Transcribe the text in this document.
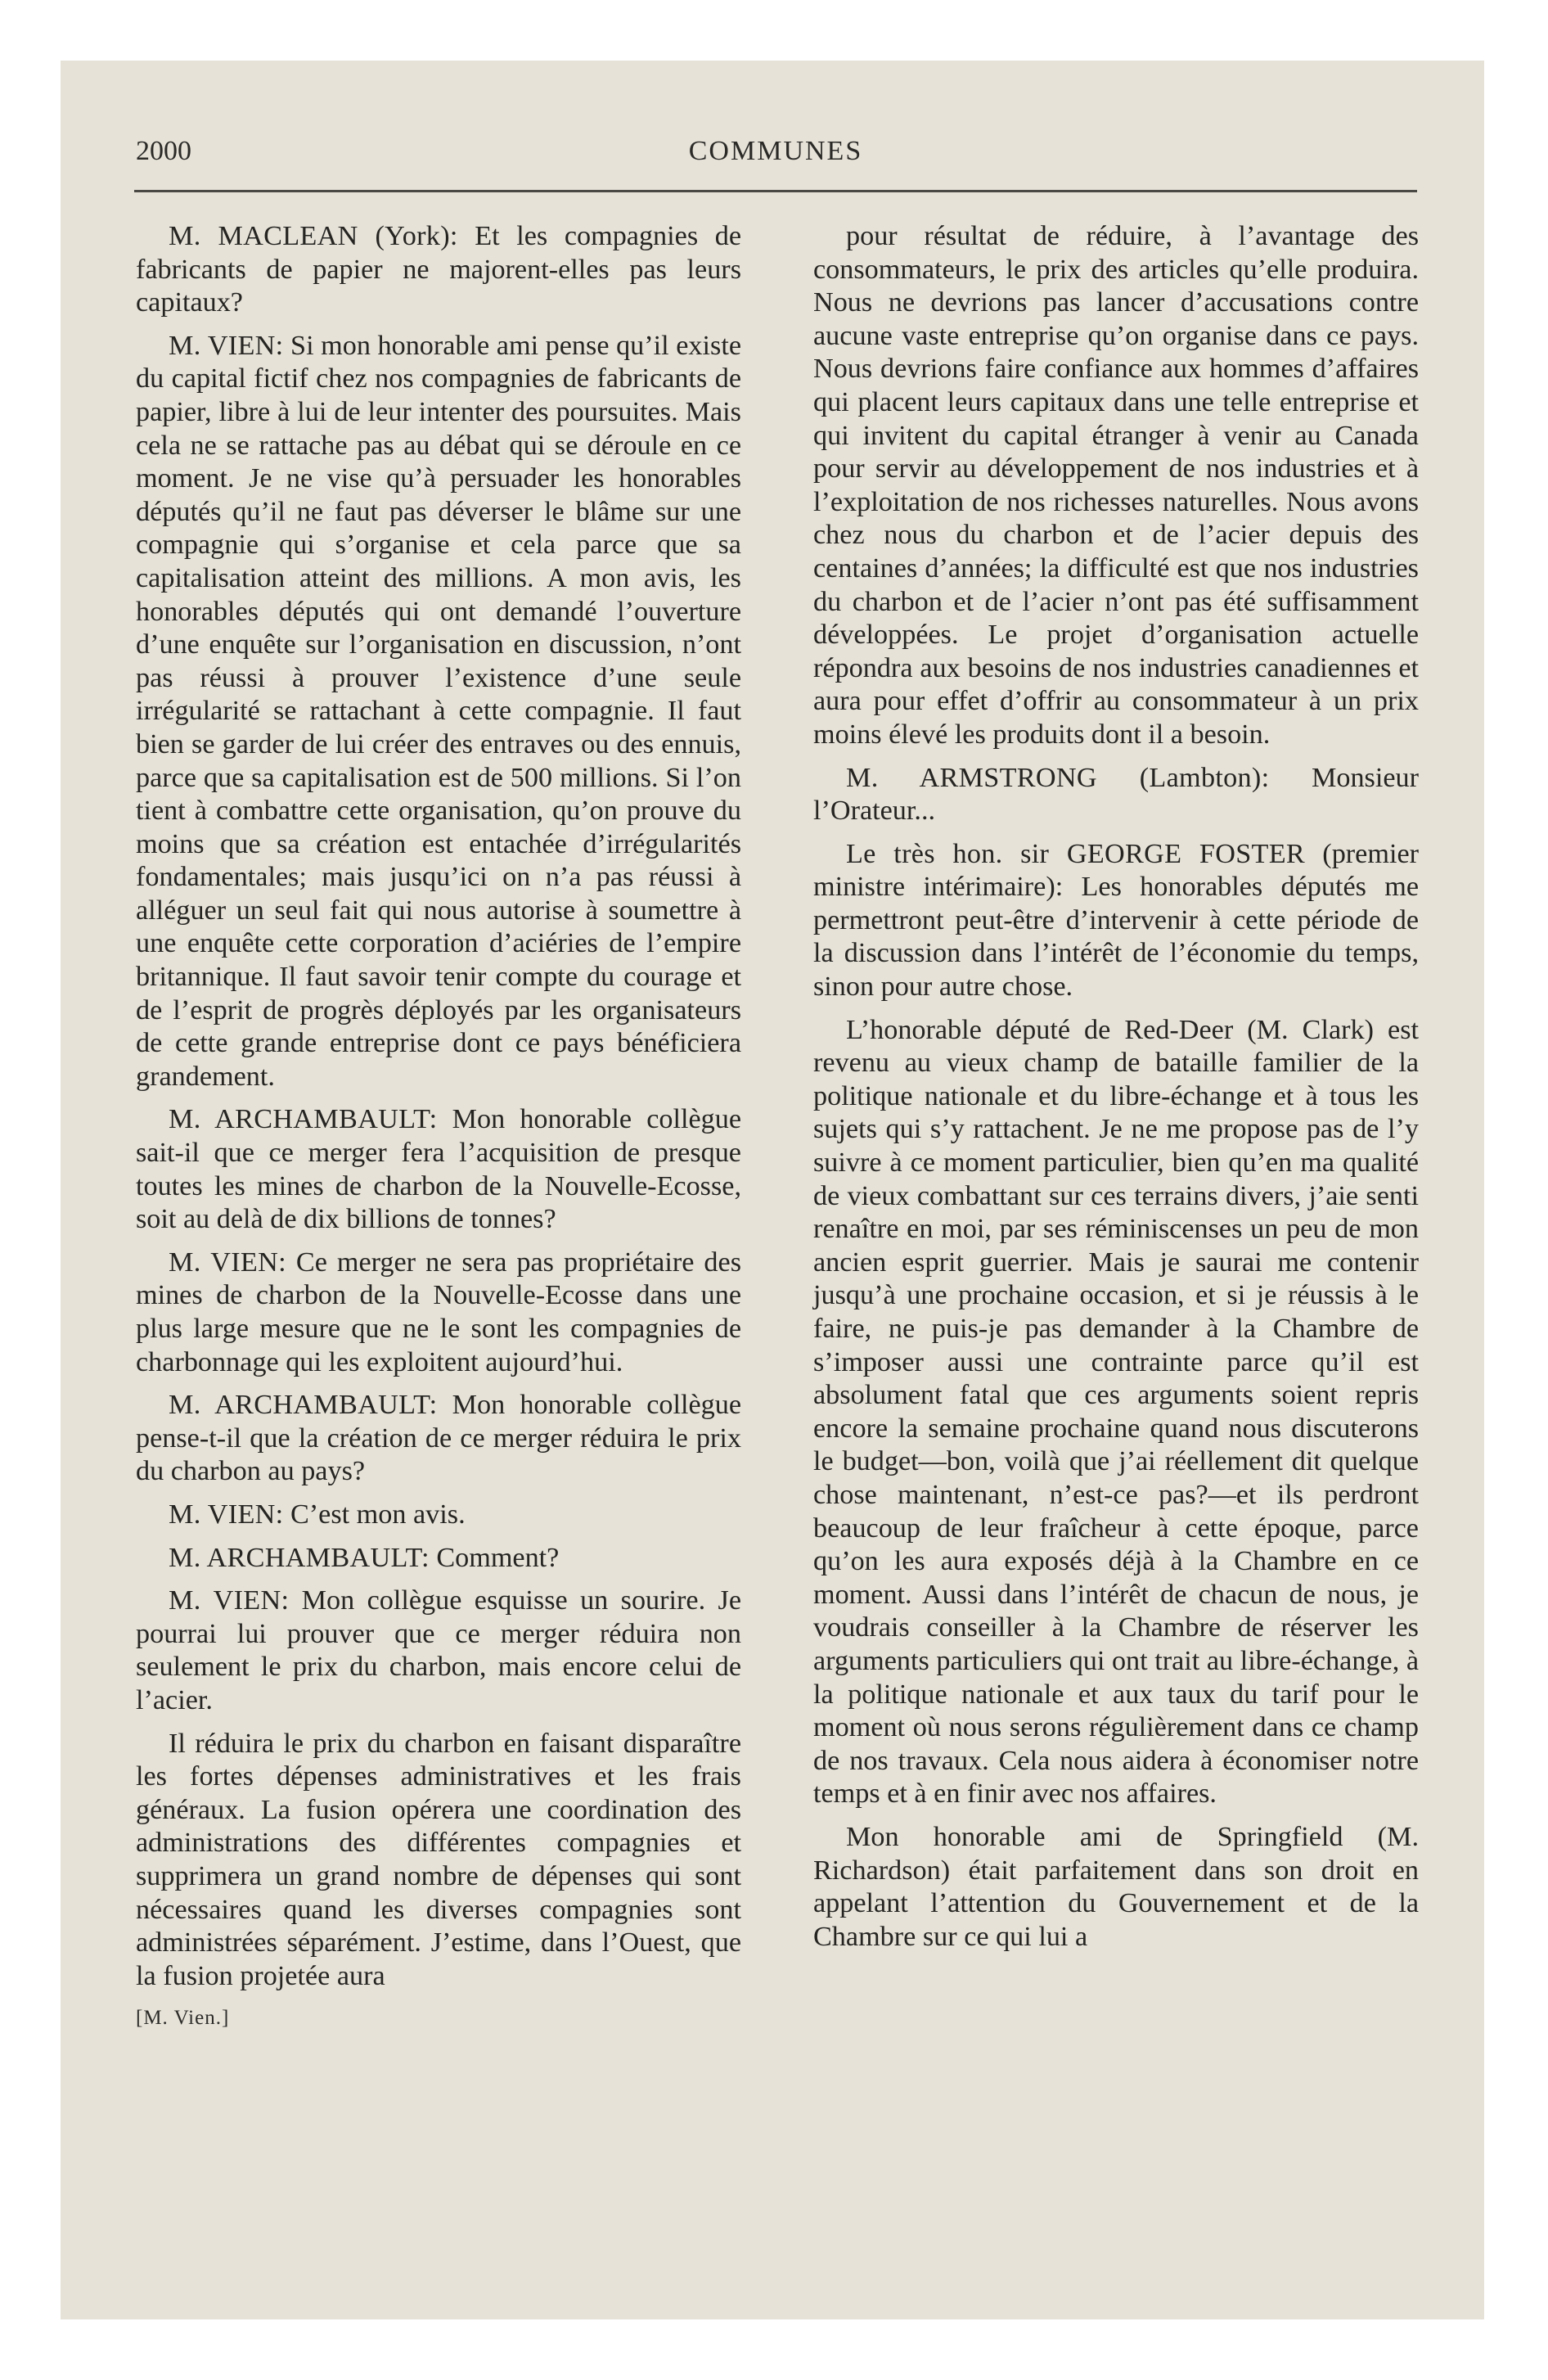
2000	COMMUNES

M. MACLEAN (York): Et les compagnies de fabricants de papier ne majorent-elles pas leurs capitaux?

M. VIEN: Si mon honorable ami pense qu’il existe du capital fictif chez nos compagnies de fabricants de papier, libre à lui de leur intenter des poursuites. Mais cela ne se rattache pas au débat qui se déroule en ce moment. Je ne vise qu’à persuader les honorables députés qu’il ne faut pas déverser le blâme sur une compagnie qui s’organise et cela parce que sa capitalisation atteint des millions. A mon avis, les honorables députés qui ont demandé l’ouverture d’une enquête sur l’organisation en discussion, n’ont pas réussi à prouver l’existence d’une seule irrégularité se rattachant à cette compagnie. Il faut bien se garder de lui créer des entraves ou des ennuis, parce que sa capitalisation est de 500 millions. Si l’on tient à combattre cette organisation, qu’on prouve du moins que sa création est entachée d’irrégularités fondamentales; mais jusqu’ici on n’a pas réussi à alléguer un seul fait qui nous autorise à soumettre à une enquête cette corporation d’aciéries de l’empire britannique. Il faut savoir tenir compte du courage et de l’esprit de progrès déployés par les organisateurs de cette grande entreprise dont ce pays bénéficiera grandement.

M. ARCHAMBAULT: Mon honorable collègue sait-il que ce merger fera l’acquisition de presque toutes les mines de charbon de la Nouvelle-Ecosse, soit au delà de dix billions de tonnes?

M. VIEN: Ce merger ne sera pas propriétaire des mines de charbon de la Nouvelle-Ecosse dans une plus large mesure que ne le sont les compagnies de charbonnage qui les exploitent aujourd’hui.

M. ARCHAMBAULT: Mon honorable collègue pense-t-il que la création de ce merger réduira le prix du charbon au pays?

M. VIEN: C’est mon avis.

M. ARCHAMBAULT: Comment?

M. VIEN: Mon collègue esquisse un sourire. Je pourrai lui prouver que ce merger réduira non seulement le prix du charbon, mais encore celui de l’acier.

Il réduira le prix du charbon en faisant disparaître les fortes dépenses administratives et les frais généraux. La fusion opérera une coordination des administrations des différentes compagnies et supprimera un grand nombre de dépenses qui sont nécessaires quand les diverses compagnies sont administrées séparément. J’estime, dans l’Ouest, que la fusion projetée aura

[M. Vien.]

pour résultat de réduire, à l’avantage des consommateurs, le prix des articles qu’elle produira. Nous ne devrions pas lancer d’accusations contre aucune vaste entreprise qu’on organise dans ce pays. Nous devrions faire confiance aux hommes d’affaires qui placent leurs capitaux dans une telle entreprise et qui invitent du capital étranger à venir au Canada pour servir au développement de nos industries et à l’exploitation de nos richesses naturelles. Nous avons chez nous du charbon et de l’acier depuis des centaines d’années; la difficulté est que nos industries du charbon et de l’acier n’ont pas été suffisamment développées. Le projet d’organisation actuelle répondra aux besoins de nos industries canadiennes et aura pour effet d’offrir au consommateur à un prix moins élevé les produits dont il a besoin.

M. ARMSTRONG (Lambton): Monsieur l’Orateur...

Le très hon. sir GEORGE FOSTER (premier ministre intérimaire): Les honorables députés me permettront peut-être d’intervenir à cette période de la discussion dans l’intérêt de l’économie du temps, sinon pour autre chose.

L’honorable député de Red-Deer (M. Clark) est revenu au vieux champ de bataille familier de la politique nationale et du libre-échange et à tous les sujets qui s’y rattachent. Je ne me propose pas de l’y suivre à ce moment particulier, bien qu’en ma qualité de vieux combattant sur ces terrains divers, j’aie senti renaître en moi, par ses réminiscenses un peu de mon ancien esprit guerrier. Mais je saurai me contenir jusqu’à une prochaine occasion, et si je réussis à le faire, ne puis-je pas demander à la Chambre de s’imposer aussi une contrainte parce qu’il est absolument fatal que ces arguments soient repris encore la semaine prochaine quand nous discuterons le budget—bon, voilà que j’ai réellement dit quelque chose maintenant, n’est-ce pas?—et ils perdront beaucoup de leur fraîcheur à cette époque, parce qu’on les aura exposés déjà à la Chambre en ce moment. Aussi dans l’intérêt de chacun de nous, je voudrais conseiller à la Chambre de réserver les arguments particuliers qui ont trait au libre-échange, à la politique nationale et aux taux du tarif pour le moment où nous serons régulièrement dans ce champ de nos travaux. Cela nous aidera à économiser notre temps et à en finir avec nos affaires.

Mon honorable ami de Springfield (M. Richardson) était parfaitement dans son droit en appelant l’attention du Gouvernement et de la Chambre sur ce qui lui a
